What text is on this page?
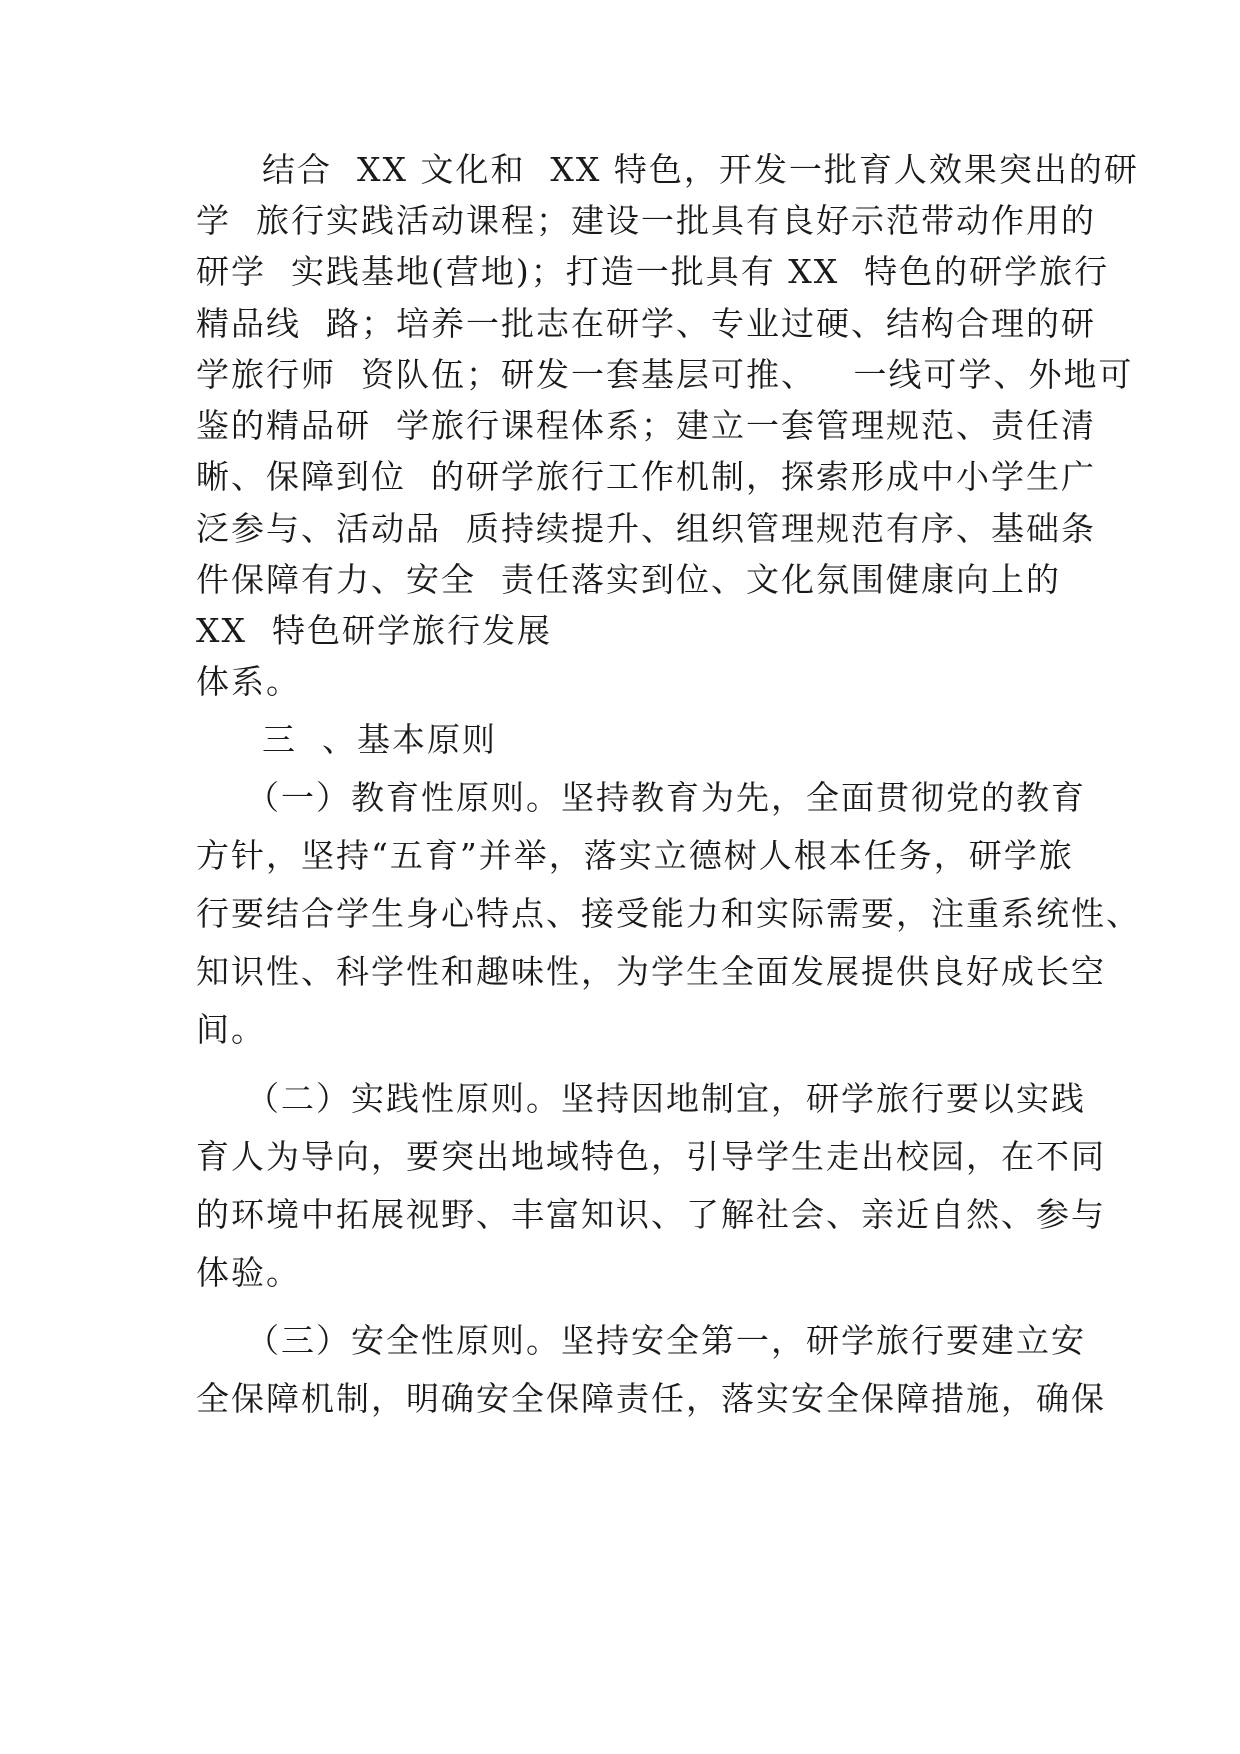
结合  XX 文化和  XX 特色，开发一批育人效果突出的研
学  旅行实践活动课程；建设一批具有良好示范带动作用的
研学  实践基地(营地)；打造一批具有 XX  特色的研学旅行
精品线  路；培养一批志在研学、专业过硬、结构合理的研
学旅行师  资队伍；研发一套基层可推、   一线可学、外地可
鉴的精品研  学旅行课程体系；建立一套管理规范、责任清
晰、保障到位  的研学旅行工作机制，探索形成中小学生广
泛参与、活动品  质持续提升、组织管理规范有序、基础条
件保障有力、安全  责任落实到位、文化氛围健康向上的
XX  特色研学旅行发展
体系。
三  、基本原则
（一）教育性原则。坚持教育为先，全面贯彻党的教育
方针，坚持“五育”并举，落实立德树人根本任务，研学旅
行要结合学生身心特点、接受能力和实际需要，注重系统性、
知识性、科学性和趣味性，为学生全面发展提供良好成长空
间。
（二）实践性原则。坚持因地制宜，研学旅行要以实践
育人为导向，要突出地域特色，引导学生走出校园，在不同
的环境中拓展视野、丰富知识、了解社会、亲近自然、参与
体验。
（三）安全性原则。坚持安全第一，研学旅行要建立安
全保障机制，明确安全保障责任，落实安全保障措施，确保
